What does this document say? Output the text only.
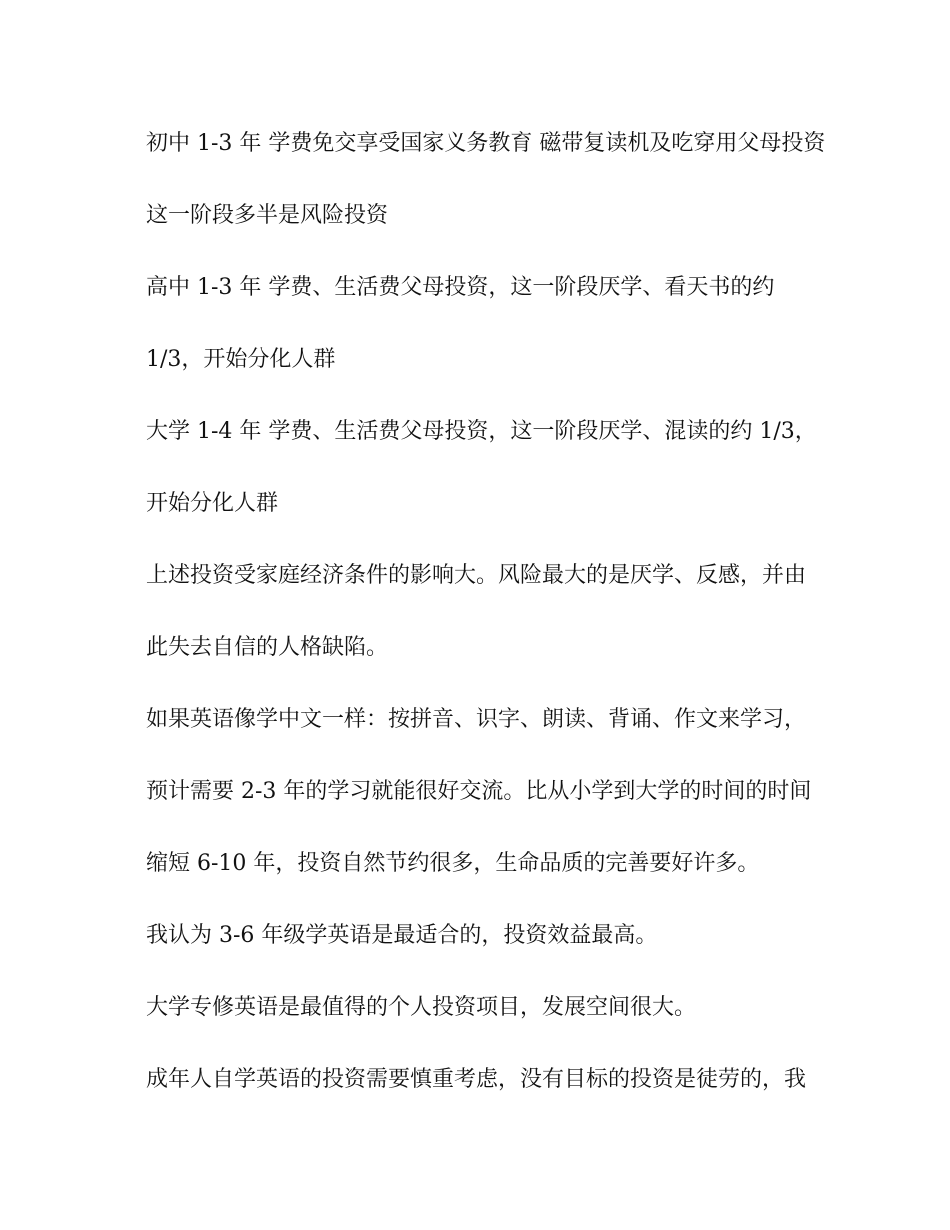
初中 1-3 年 学费免交享受国家义务教育 磁带复读机及吃穿用父母投资

这一阶段多半是风险投资

高中 1-3 年 学费、生活费父母投资，这一阶段厌学、看天书的约

1/3，开始分化人群

大学 1-4 年 学费、生活费父母投资，这一阶段厌学、混读的约 1/3，

开始分化人群

上述投资受家庭经济条件的影响大。风险最大的是厌学、反感，并由

此失去自信的人格缺陷。

如果英语像学中文一样：按拼音、识字、朗读、背诵、作文来学习，

预计需要 2-3 年的学习就能很好交流。比从小学到大学的时间的时间

缩短 6-10 年，投资自然节约很多，生命品质的完善要好许多。

我认为 3-6 年级学英语是最适合的，投资效益最高。

大学专修英语是最值得的个人投资项目，发展空间很大。

成年人自学英语的投资需要慎重考虑，没有目标的投资是徒劳的，我
